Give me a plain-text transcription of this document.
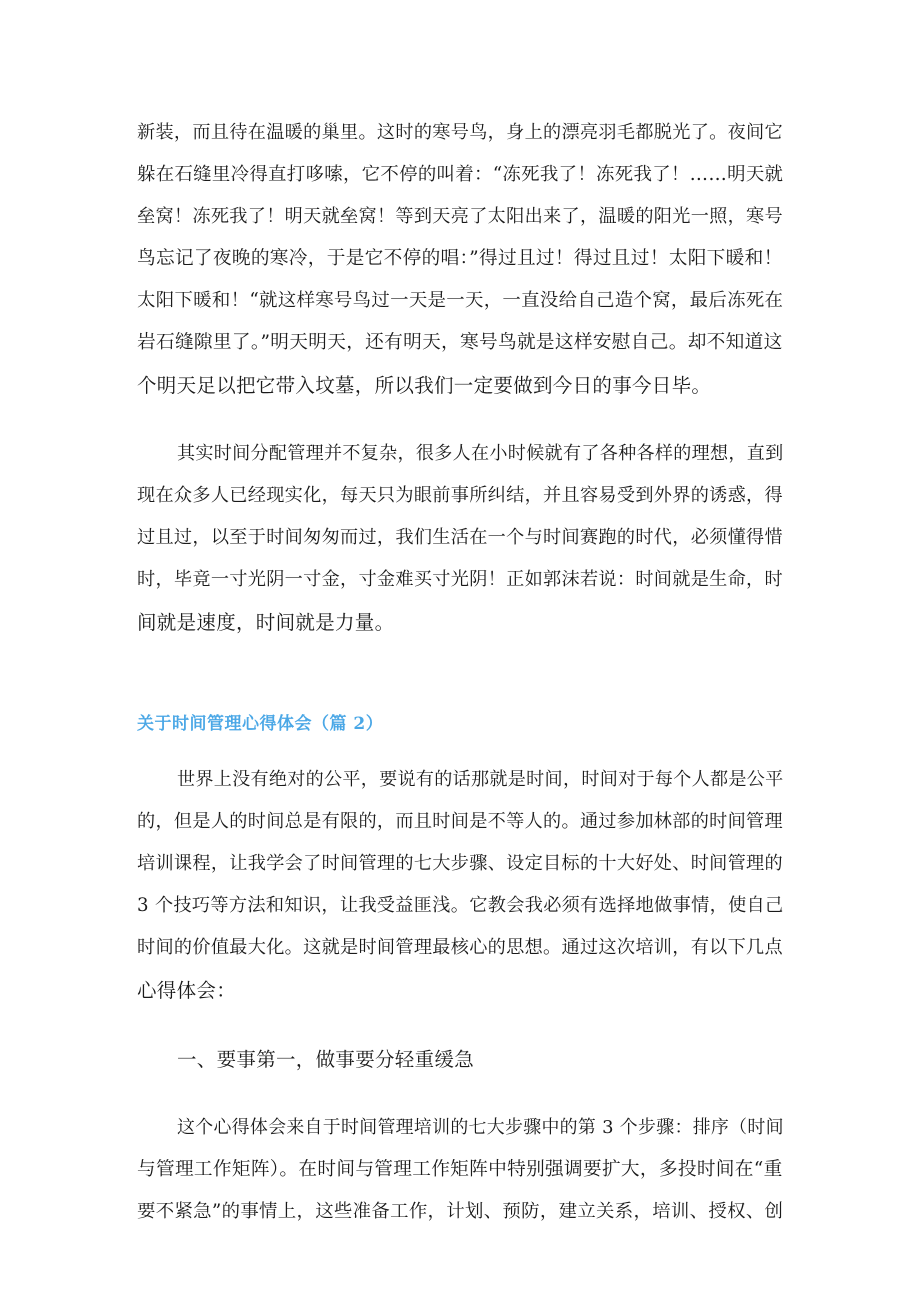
新装，而且待在温暖的巢里。这时的寒号鸟，身上的漂亮羽毛都脱光了。夜间它
躲在石缝里冷得直打哆嗦，它不停的叫着：“冻死我了！冻死我了！……明天就
垒窝！冻死我了！明天就垒窝！等到天亮了太阳出来了，温暖的阳光一照，寒号
鸟忘记了夜晚的寒冷，于是它不停的唱：”得过且过！得过且过！太阳下暖和！
太阳下暖和！“就这样寒号鸟过一天是一天，一直没给自己造个窝，最后冻死在
岩石缝隙里了。”明天明天，还有明天，寒号鸟就是这样安慰自己。却不知道这
个明天足以把它带入坟墓，所以我们一定要做到今日的事今日毕。
其实时间分配管理并不复杂，很多人在小时候就有了各种各样的理想，直到
现在众多人已经现实化，每天只为眼前事所纠结，并且容易受到外界的诱惑，得
过且过，以至于时间匆匆而过，我们生活在一个与时间赛跑的时代，必须懂得惜
时，毕竟一寸光阴一寸金，寸金难买寸光阴！正如郭沫若说：时间就是生命，时
间就是速度，时间就是力量。
关于时间管理心得体会（篇 2）
世界上没有绝对的公平，要说有的话那就是时间，时间对于每个人都是公平
的，但是人的时间总是有限的，而且时间是不等人的。通过参加林部的时间管理
培训课程，让我学会了时间管理的七大步骤、设定目标的十大好处、时间管理的
3 个技巧等方法和知识，让我受益匪浅。它教会我必须有选择地做事情，使自己
时间的价值最大化。这就是时间管理最核心的思想。通过这次培训，有以下几点
心得体会：
一、要事第一，做事要分轻重缓急
这个心得体会来自于时间管理培训的七大步骤中的第 3 个步骤：排序（时间
与管理工作矩阵）。在时间与管理工作矩阵中特别强调要扩大，多投时间在“重
要不紧急”的事情上，这些准备工作，计划、预防，建立关系，培训、授权、创
